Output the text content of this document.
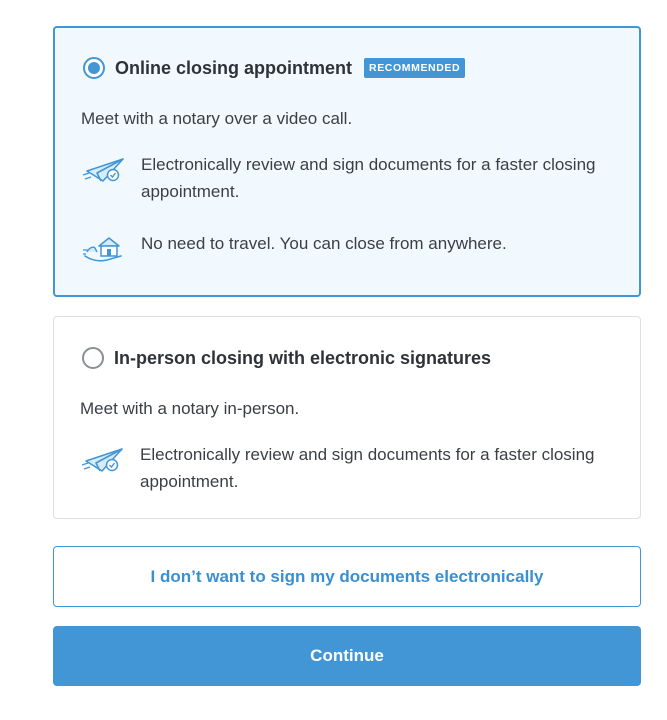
Online closing appointment	RECOMMENDED
Meet with a notary over a video call.
Electronically review and sign documents for a faster closing appointment.
No need to travel. You can close from anywhere.
In-person closing with electronic signatures
Meet with a notary in-person.
Electronically review and sign documents for a faster closing appointment.
I don’t want to sign my documents electronically
Continue
